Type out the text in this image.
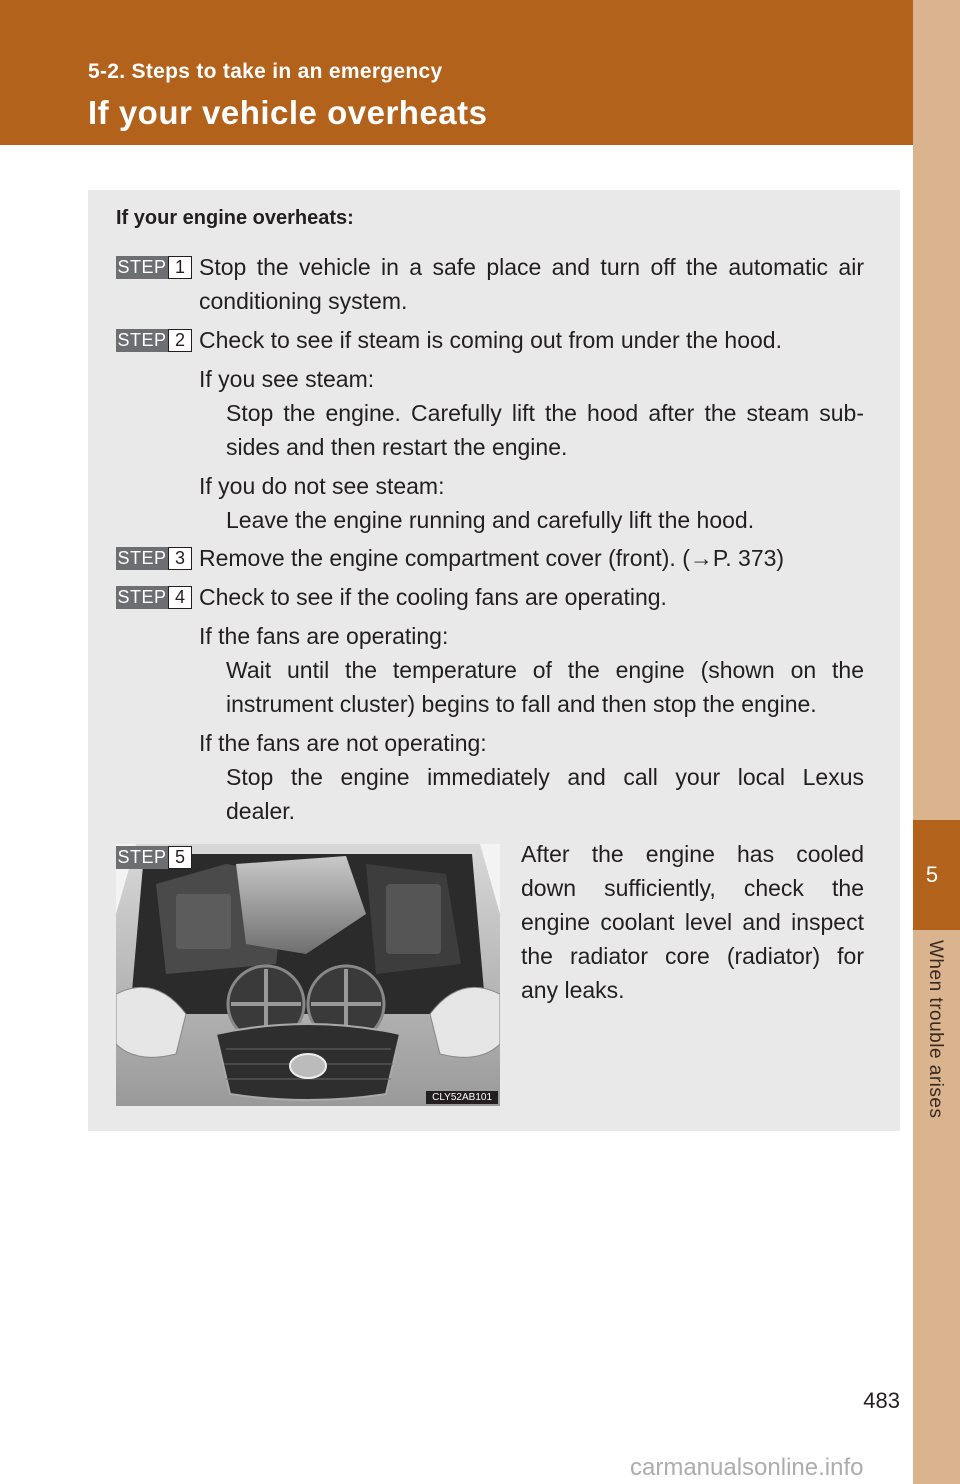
5-2. Steps to take in an emergency
If your vehicle overheats
5
When trouble arises
If your engine overheats:
STEP 1 Stop the vehicle in a safe place and turn off the automatic air
conditioning system.
STEP 2 Check to see if steam is coming out from under the hood.
If you see steam:
Stop the engine. Carefully lift the hood after the steam sub-
sides and then restart the engine.
If you do not see steam:
Leave the engine running and carefully lift the hood.
STEP 3 Remove the engine compartment cover (front). (→P. 373)
STEP 4 Check to see if the cooling fans are operating.
If the fans are operating:
Wait until the temperature of the engine (shown on the
instrument cluster) begins to fall and then stop the engine.
If the fans are not operating:
Stop the engine immediately and call your local Lexus
dealer.
CLY52AB101
STEP 5	After the engine has cooled
down sufficiently, check the
engine coolant level and inspect
the radiator core (radiator) for
any leaks.
483
carmanualsonline.info
